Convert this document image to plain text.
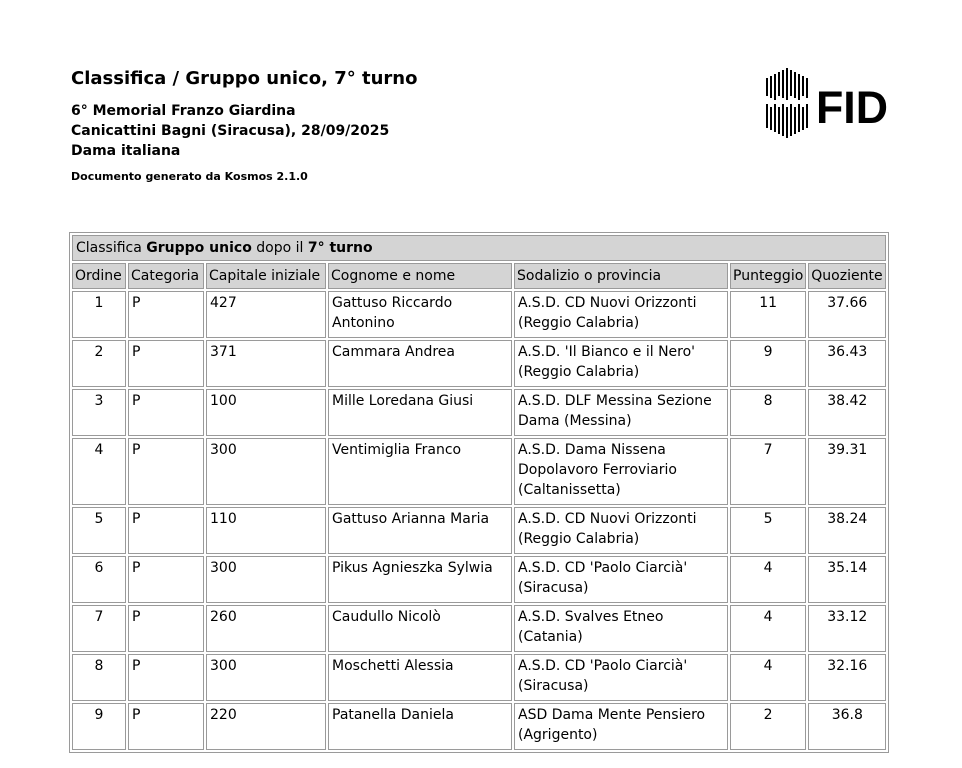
Classifica / Gruppo unico, 7° turno
6° Memorial Franzo Giardina
Canicattini Bagni (Siracusa), 28/09/2025
Dama italiana
Documento generato da Kosmos 2.1.0
FID
Classifica Gruppo unico dopo il 7° turno						
Ordine	Categoria	Capitale iniziale	Cognome e nome	Sodalizio o provincia	Punteggio	Quoziente
1	P	427	Gattuso Riccardo Antonino	A.S.D. CD Nuovi Orizzonti (Reggio Calabria)	11	37.66
2	P	371	Cammara Andrea	A.S.D. 'Il Bianco e il Nero' (Reggio Calabria)	9	36.43
3	P	100	Mille Loredana Giusi	A.S.D. DLF Messina Sezione Dama (Messina)	8	38.42
4	P	300	Ventimiglia Franco	A.S.D. Dama Nissena Dopolavoro Ferroviario (Caltanissetta)	7	39.31
5	P	110	Gattuso Arianna Maria	A.S.D. CD Nuovi Orizzonti (Reggio Calabria)	5	38.24
6	P	300	Pikus Agnieszka Sylwia	A.S.D. CD 'Paolo Ciarcià' (Siracusa)	4	35.14
7	P	260	Caudullo Nicolò	A.S.D. Svalves Etneo (Catania)	4	33.12
8	P	300	Moschetti Alessia	A.S.D. CD 'Paolo Ciarcià' (Siracusa)	4	32.16
9	P	220	Patanella Daniela	ASD Dama Mente Pensiero (Agrigento)	2	36.8
